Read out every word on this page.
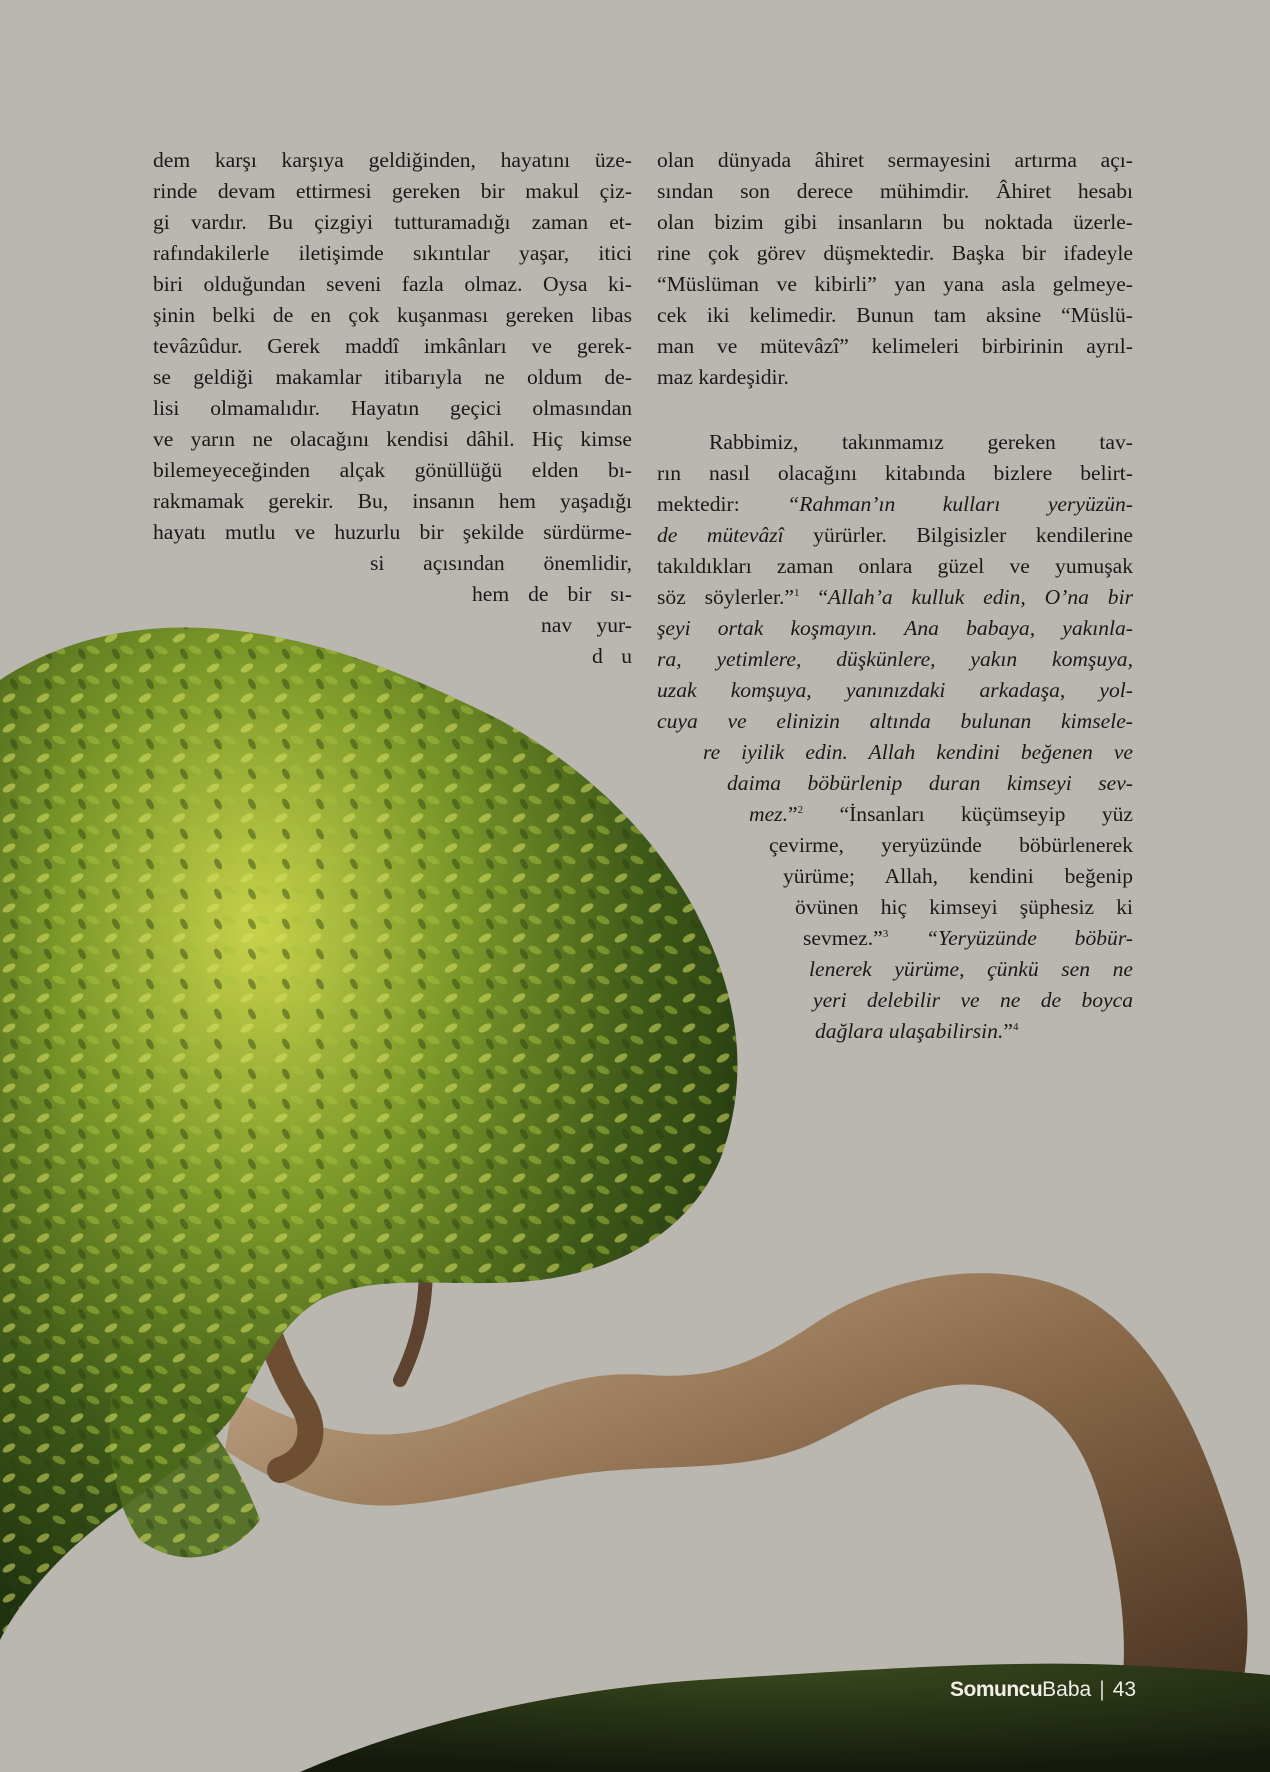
dem karşı karşıya geldiğinden, hayatını üze-
rinde devam ettirmesi gereken bir makul çiz-
gi vardır. Bu çizgiyi tutturamadığı zaman et-
rafındakilerle iletişimde sıkıntılar yaşar, itici
biri olduğundan seveni fazla olmaz. Oysa ki-
şinin belki de en çok kuşanması gereken libas
tevâzûdur. Gerek maddî imkânları ve gerek-
se geldiği makamlar itibarıyla ne oldum de-
lisi olmamalıdır. Hayatın geçici olmasından
ve yarın ne olacağını kendisi dâhil. Hiç kimse
bilemeyeceğinden alçak gönüllüğü elden bı-
rakmamak gerekir. Bu, insanın hem yaşadığı
hayatı mutlu ve huzurlu bir şekilde sürdürme-
si açısından önemlidir,
hem de bir sı-
nav yur-
d u
olan dünyada âhiret sermayesini artırma açı-
sından son derece mühimdir. Âhiret hesabı
olan bizim gibi insanların bu noktada üzerle-
rine çok görev düşmektedir. Başka bir ifadeyle
“Müslüman ve kibirli” yan yana asla gelmeye-
cek iki kelimedir. Bunun tam aksine “Müslü-
man ve mütevâzî” kelimeleri birbirinin ayrıl-
maz kardeşidir.
Rabbimiz, takınmamız gereken tav-
rın nasıl olacağını kitabında bizlere belirt-
mektedir: “Rahman’ın kulları yeryüzün-
de mütevâzî yürürler. Bilgisizler kendilerine
takıldıkları zaman onlara güzel ve yumuşak
söz söylerler.”$^1$ “Allah’a kulluk edin, O’na bir
şeyi ortak koşmayın. Ana babaya, yakınla-
ra, yetimlere, düşkünlere, yakın komşuya,
uzak komşuya, yanınızdaki arkadaşa, yol-
cuya ve elinizin altında bulunan kimsele-
re iyilik edin. Allah kendini beğenen ve
daima böbürlenip duran kimseyi sev-
mez.”$^2$ “İnsanları küçümseyip yüz
çevirme, yeryüzünde böbürlenerek
yürüme; Allah, kendini beğenip
övünen hiç kimseyi şüphesiz ki
sevmez.”$^3$ “Yeryüzünde böbür-
lenerek yürüme, çünkü sen ne
yeri delebilir ve ne de boyca
dağlara ulaşabilirsin.”$^4$
SomuncuBaba | 43
